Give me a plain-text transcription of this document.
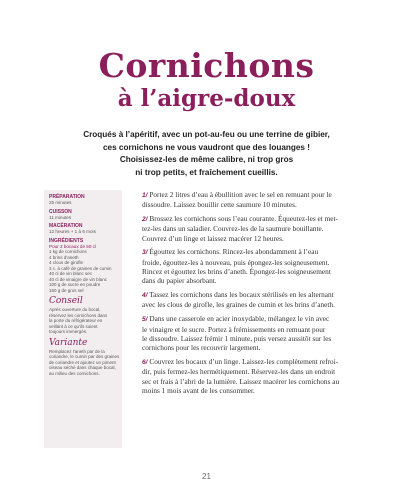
Cornichons
à l’aigre-doux
Croqués à l’apéritif, avec un pot-au-feu ou une terrine de gibier,
ces cornichons ne vous vaudront que des louanges !
Choisissez-les de même calibre, ni trop gros
ni trop petits, et fraîchement cueillis.
PRÉPARATION
25 minutes
CUISSON
11 minutes
MACÉRATION
12 heures + 1 à 6 mois
INGRÉDIENTS
Pour 2 bocaux de 50 cl
1 kg de cornichons
4 brins d’aneth
4 clous de girofle
3 c. à café de graines de cumin
40 cl de vin blanc sec
40 cl de vinaigre de vin blanc
100 g de sucre en poudre
150 g de gros sel
Conseil
Après ouverture du bocal,
réservez les cornichons dans
la porte du réfrigérateur en
veillant à ce qu’ils soient
toujours immergés.
Variante
Remplacez l’aneth par de la
coriandre, le cumin par des graines
de coriandre et ajoutez un piment
oiseau séché dans chaque bocal,
au milieu des cornichons.
1/ Portez 2 litres d’eau à ébullition avec le sel en remuant pour le
dissoudre. Laissez bouillir cette saumure 10 minutes.
2/ Brossez les cornichons sous l’eau courante. Équeutez-les et met-
tez-les dans un saladier. Couvrez-les de la saumure bouillante.
Couvrez d’un linge et laissez macérer 12 heures.
3/ Égouttez les cornichons. Rincez-les abondamment à l’eau
froide, égouttez-les à nouveau, puis épongez-les soigneusement.
Rincez et égouttez les brins d’aneth. Épongez-les soigneusement
dans du papier absorbant.
4/ Tassez les cornichons dans les bocaux stérilisés en les alternant
avec les clous de girofle, les graines de cumin et les brins d’aneth.
5/ Dans une casserole en acier inoxydable, mélangez le vin avec
le vinaigre et le sucre. Portez à frémissements en remuant pour
le dissoudre. Laissez frémir 1 minute, puis versez aussitôt sur les
cornichons pour les recouvrir largement.
6/ Couvrez les bocaux d’un linge. Laissez-les complètement refroi-
dir, puis fermez-les hermétiquement. Réservez-les dans un endroit
sec et frais à l’abri de la lumière. Laissez macérer les cornichons au
moins 1 mois avant de les consommer.
21
